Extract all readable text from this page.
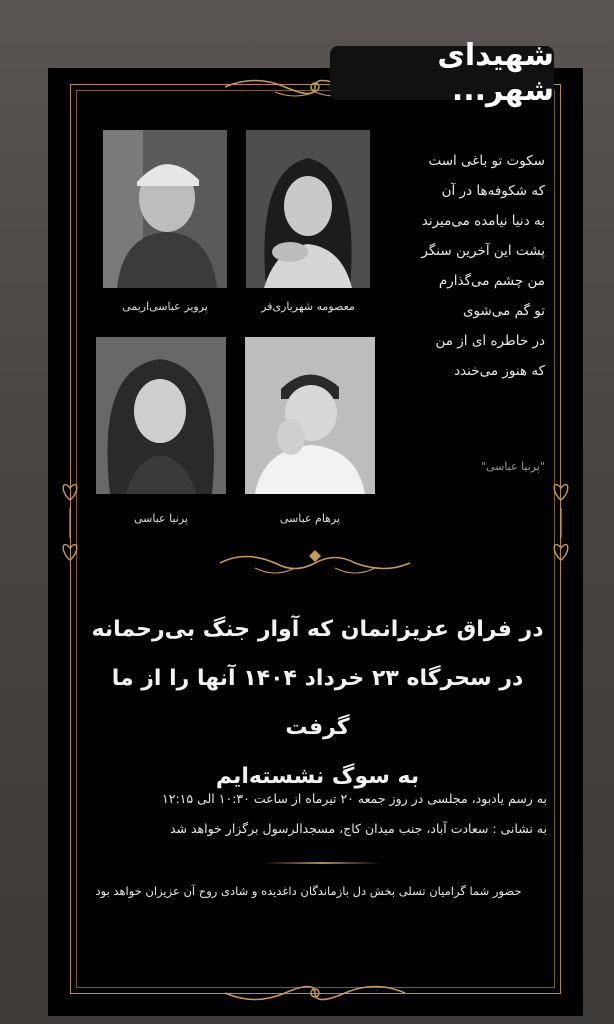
شهیدای شهر...
پرویز عباسی‌اریمی	معصومه شهریاری‌فر
پرنیا عباسی	پرهام عباسی
سکوت تو باغی است
که شکوفه‌ها در آن
به دنیا نیامده می‌میرند
پشت این آخرین سنگر
من چشم می‌گذارم
تو گم می‌شوی
در خاطره ای از من
که هنوز می‌خندد
"پرنیا عباسی"
در فراق عزیزانمان که آوار جنگ بی‌رحمانه
در سحرگاه ۲۳ خرداد ۱۴۰۴ آنها را از ما گرفت
به سوگ نشسته‌ایم
به رسم یادبود، مجلسی در روز جمعه ۲۰ تیرماه از ساعت ۱۰:۳۰ الی ۱۲:۱۵
به نشانی : سعادت آباد، جنب میدان کاج، مسجدالرسول برگزار خواهد شد
حضور شما گرامیان تسلی بخش دل بازماندگان داغدیده و شادی روح آن عزیزان خواهد بود
